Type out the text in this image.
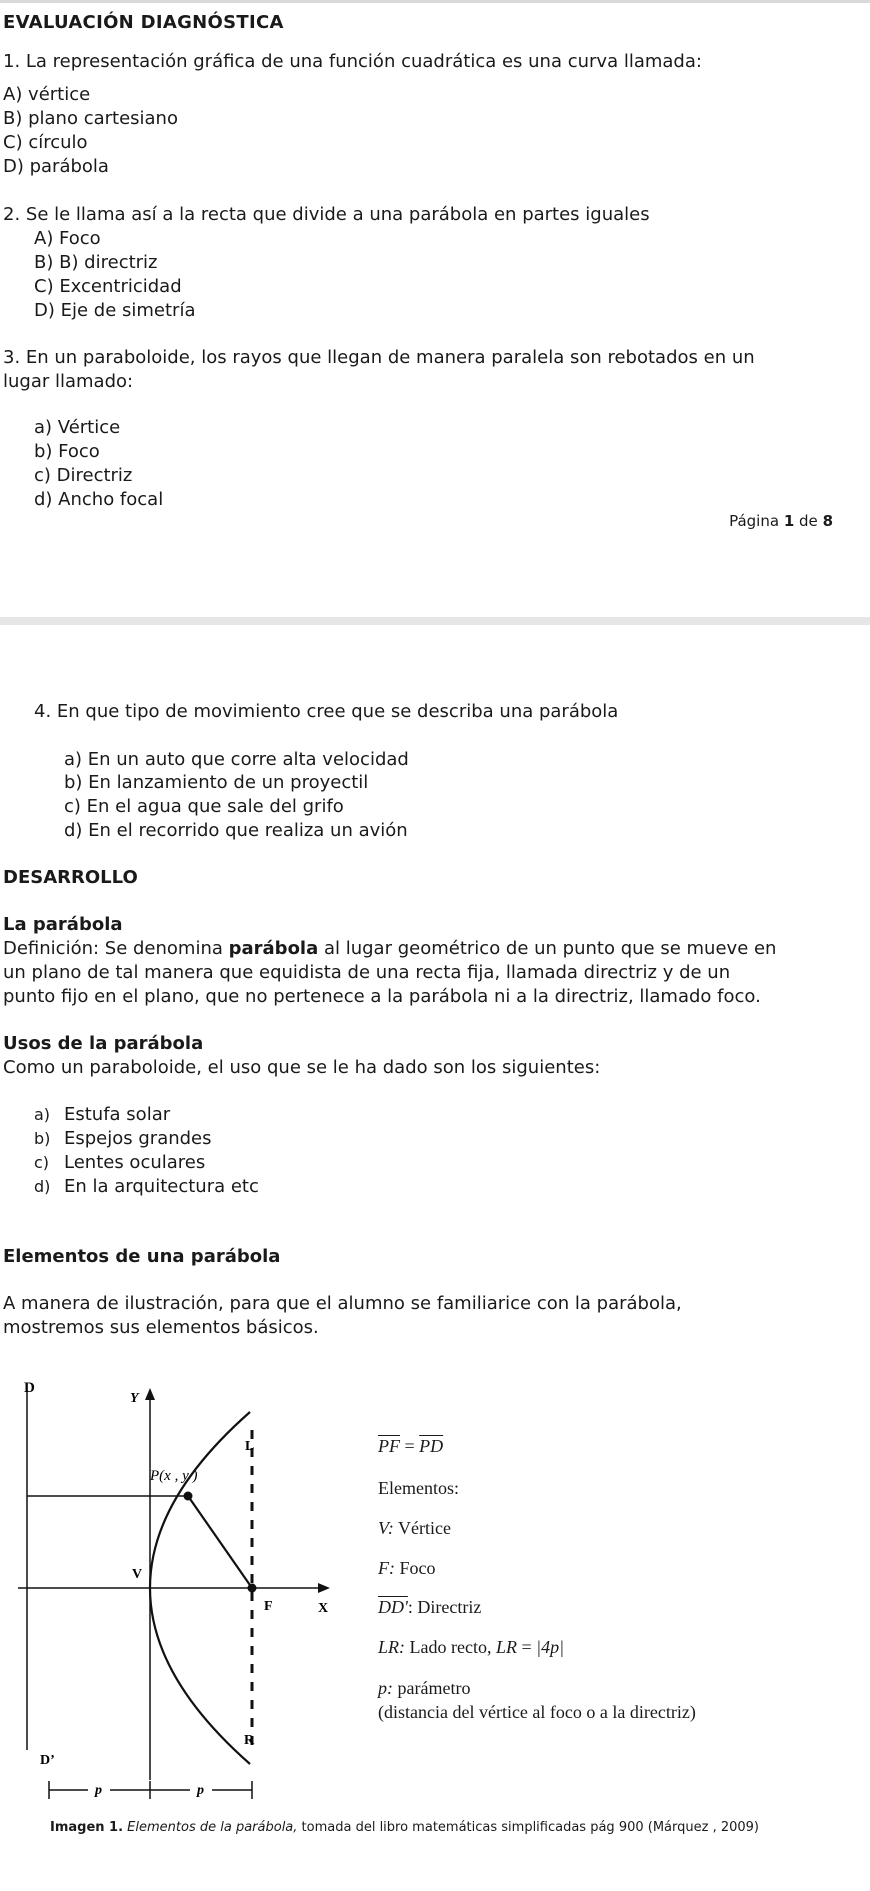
EVALUACIÓN DIAGNÓSTICA
1. La representación gráfica de una función cuadrática es una curva llamada:
A) vértice
B) plano cartesiano
C) círculo
D) parábola
2. Se le llama así a la recta que divide a una parábola en partes iguales
A) Foco
B) B) directriz
C) Excentricidad
D) Eje de simetría
3. En un paraboloide, los rayos que llegan de manera paralela son rebotados en un
lugar llamado:
a) Vértice
b) Foco
c) Directriz
d) Ancho focal
Página 1 de 8
4. En que tipo de movimiento cree que se describa una parábola
a) En un auto que corre alta velocidad
b) En lanzamiento de un proyectil
c) En el agua que sale del grifo
d) En el recorrido que realiza un avión
DESARROLLO
La parábola
Definición: Se denomina parábola al lugar geométrico de un punto que se mueve en
un plano de tal manera que equidista de una recta fija, llamada directriz y de un
punto fijo en el plano, que no pertenece a la parábola ni a la directriz, llamado foco.
Usos de la parábola
Como un paraboloide, el uso que se le ha dado son los siguientes:
a) Estufa solar
b) Espejos grandes
c) Lentes oculares
d) En la arquitectura etc
Elementos de una parábola
A manera de ilustración, para que el alumno se familiarice con la parábola,
mostremos sus elementos básicos.
D
Y
L
P(x , y )
V
F	X
R
D’
p	p
$\overline{PF} = \overline{PD}$
Elementos:
V: Vértice
F: Foco
DD': Directriz
LR: Lado recto, LR = |4p|
p: parámetro
(distancia del vértice al foco o a la directriz)
Imagen 1. Elementos de la parábola, tomada del libro matemáticas simplificadas pág 900 (Márquez , 2009)
